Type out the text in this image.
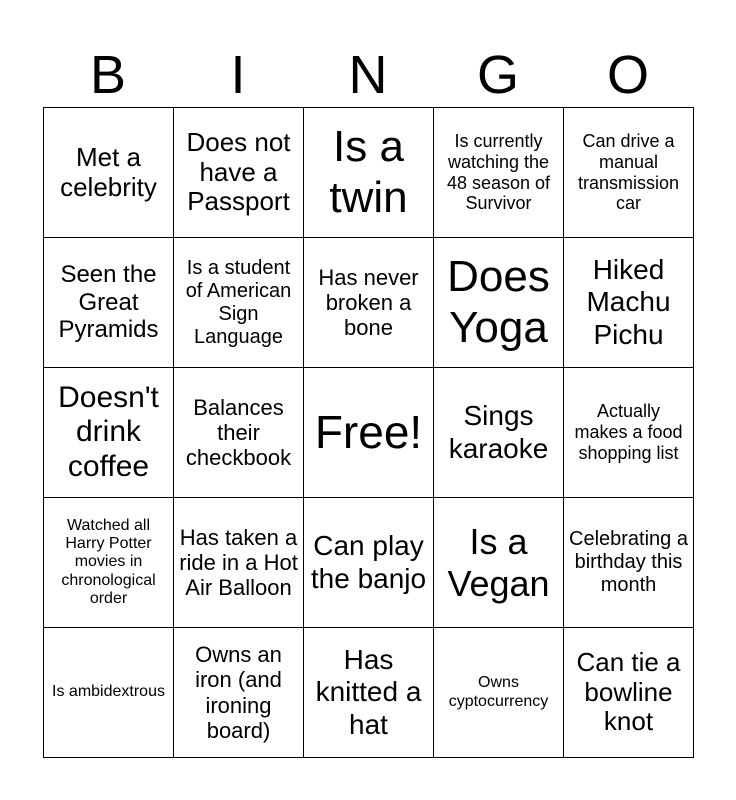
B	I	N	G	O
Met a celebrity	Does not have a Passport	Is a twin	Is currently watching the 48 season of Survivor	Can drive a manual transmission car
Seen the Great Pyramids	Is a student of American Sign Language	Has never broken a bone	Does Yoga	Hiked Machu Pichu
Doesn't drink coffee	Balances their checkbook	Free!	Sings karaoke	Actually makes a food shopping list
Watched all Harry Potter movies in chronological order	Has taken a ride in a Hot Air Balloon	Can play the banjo	Is a Vegan	Celebrating a birthday this month
Is ambidextrous	Owns an iron (and ironing board)	Has knitted a hat	Owns cyptocurrency	Can tie a bowline knot
